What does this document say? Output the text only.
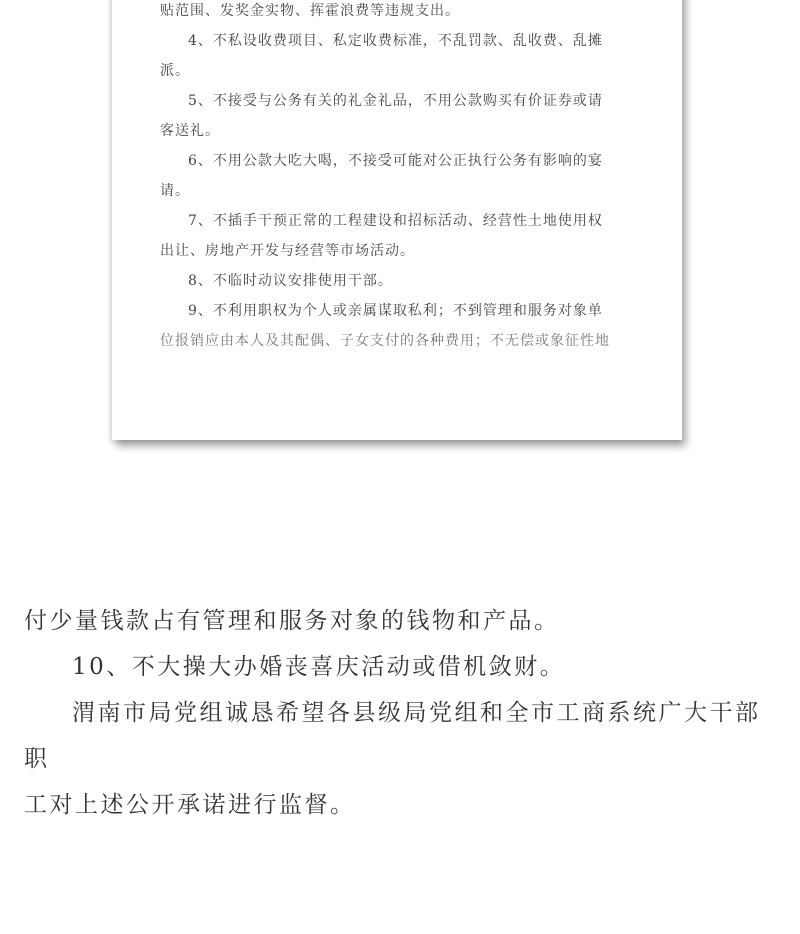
贴范围、发奖金实物、挥霍浪费等违规支出。

4、不私设收费项目、私定收费标准，不乱罚款、乱收费、乱摊

派。

5、不接受与公务有关的礼金礼品，不用公款购买有价证券或请

客送礼。

6、不用公款大吃大喝，不接受可能对公正执行公务有影响的宴

请。

7、不插手干预正常的工程建设和招标活动、经营性土地使用权

出让、房地产开发与经营等市场活动。

8、不临时动议安排使用干部。

9、不利用职权为个人或亲属谋取私利；不到管理和服务对象单

位报销应由本人及其配偶、子女支付的各种费用；不无偿或象征性地

付少量钱款占有管理和服务对象的钱物和产品。

10、不大操大办婚丧喜庆活动或借机敛财。

渭南市局党组诚恳希望各县级局党组和全市工商系统广大干部职

工对上述公开承诺进行监督。
